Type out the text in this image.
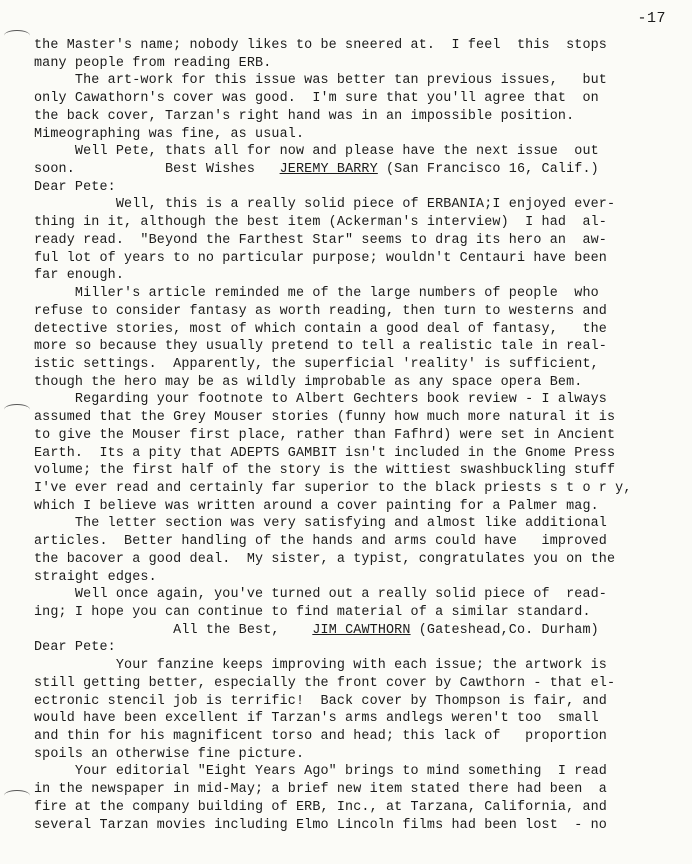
-17
the Master's name; nobody likes to be sneered at.  I feel  this  stops
many people from reading ERB.
The art-work for this issue was better tan previous issues,   but
only Cawathorn's cover was good.  I'm sure that you'll agree that  on
the back cover, Tarzan's right hand was in an impossible position.
Mimeographing was fine, as usual.
Well Pete, thats all for now and please have the next issue  out
soon.           Best Wishes   JEREMY BARRY (San Francisco 16, Calif.)
Dear Pete:
Well, this is a really solid piece of ERBANIA;I enjoyed ever-
thing in it, although the best item (Ackerman's interview)  I had  al-
ready read.  "Beyond the Farthest Star" seems to drag its hero an  aw-
ful lot of years to no particular purpose; wouldn't Centauri have been
far enough.
Miller's article reminded me of the large numbers of people  who
refuse to consider fantasy as worth reading, then turn to westerns and
detective stories, most of which contain a good deal of fantasy,   the
more so because they usually pretend to tell a realistic tale in real-
istic settings.  Apparently, the superficial 'reality' is sufficient,
though the hero may be as wildly improbable as any space opera Bem.
Regarding your footnote to Albert Gechters book review - I always
assumed that the Grey Mouser stories (funny how much more natural it is
to give the Mouser first place, rather than Fafhrd) were set in Ancient
Earth.  Its a pity that ADEPTS GAMBIT isn't included in the Gnome Press
volume; the first half of the story is the wittiest swashbuckling stuff
I've ever read and certainly far superior to the black priests s t o r y,
which I believe was written around a cover painting for a Palmer mag.
The letter section was very satisfying and almost like additional
articles.  Better handling of the hands and arms could have   improved
the bacover a good deal.  My sister, a typist, congratulates you on the
straight edges.
Well once again, you've turned out a really solid piece of  read-
ing; I hope you can continue to find material of a similar standard.
All the Best,    JIM CAWTHORN (Gateshead,Co. Durham)
Dear Pete:
Your fanzine keeps improving with each issue; the artwork is
still getting better, especially the front cover by Cawthorn - that el-
ectronic stencil job is terrific!  Back cover by Thompson is fair, and
would have been excellent if Tarzan's arms andlegs weren't too  small
and thin for his magnificent torso and head; this lack of   proportion
spoils an otherwise fine picture.
Your editorial "Eight Years Ago" brings to mind something  I read
in the newspaper in mid-May; a brief new item stated there had been  a
fire at the company building of ERB, Inc., at Tarzana, California, and
several Tarzan movies including Elmo Lincoln films had been lost  - no
